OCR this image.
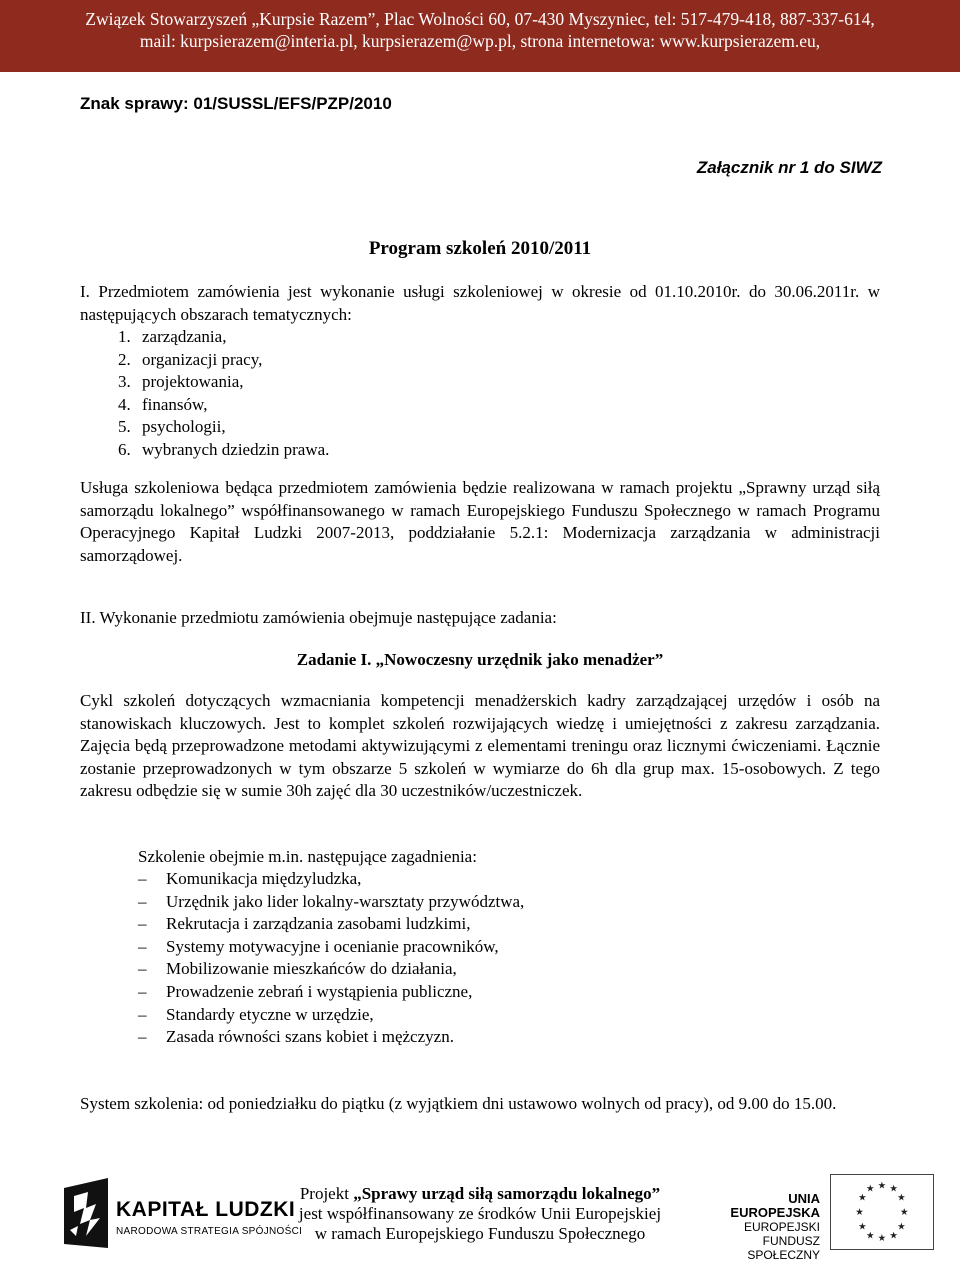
Związek Stowarzyszeń „Kurpsie Razem”, Plac Wolności 60, 07-430 Myszyniec, tel: 517-479-418, 887-337-614,
mail: kurpsierazem@interia.pl, kurpsierazem@wp.pl, strona internetowa: www.kurpsierazem.eu,
Znak sprawy: 01/SUSSL/EFS/PZP/2010
Załącznik nr 1 do SIWZ
Program szkoleń 2010/2011
I. Przedmiotem zamówienia jest wykonanie usługi szkoleniowej w okresie od 01.10.2010r. do 30.06.2011r. w następujących obszarach tematycznych:
1. zarządzania,
2. organizacji pracy,
3. projektowania,
4. finansów,
5. psychologii,
6. wybranych dziedzin prawa.
Usługa szkoleniowa będąca przedmiotem zamówienia będzie realizowana w ramach projektu „Sprawny urząd siłą samorządu lokalnego” współfinansowanego w ramach Europejskiego Funduszu Społecznego w ramach Programu Operacyjnego Kapitał Ludzki 2007-2013, poddziałanie 5.2.1: Modernizacja zarządzania w administracji samorządowej.
II. Wykonanie przedmiotu zamówienia obejmuje następujące zadania:
Zadanie I. „Nowoczesny urzędnik jako menadżer”
Cykl szkoleń dotyczących wzmacniania kompetencji menadżerskich kadry zarządzającej urzędów i osób na stanowiskach kluczowych. Jest to komplet szkoleń rozwijających wiedzę i umiejętności z zakresu zarządzania. Zajęcia będą przeprowadzone metodami aktywizującymi z elementami treningu oraz licznymi ćwiczeniami. Łącznie zostanie przeprowadzonych w tym obszarze 5 szkoleń w wymiarze do 6h dla grup max. 15-osobowych. Z tego zakresu odbędzie się w sumie 30h zajęć dla 30 uczestników/uczestniczek.
Szkolenie obejmie m.in. następujące zagadnienia:
– Komunikacja międzyludzka,
– Urzędnik jako lider lokalny-warsztaty przywództwa,
– Rekrutacja i zarządzania zasobami ludzkimi,
– Systemy motywacyjne i ocenianie pracowników,
– Mobilizowanie mieszkańców do działania,
– Prowadzenie zebrań i wystąpienia publiczne,
– Standardy etyczne w urzędzie,
– Zasada równości szans kobiet i mężczyzn.
System szkolenia: od poniedziałku do piątku (z wyjątkiem dni ustawowo wolnych od pracy), od 9.00 do 15.00.
KAPITAŁ LUDZKI
NARODOWA STRATEGIA SPÓJNOŚCI
Projekt „Sprawy urząd siłą samorządu lokalnego”
jest współfinansowany ze środków Unii Europejskiej
w ramach Europejskiego Funduszu Społecznego
UNIA EUROPEJSKA
EUROPEJSKI
FUNDUSZ SPOŁECZNY
★ ★
★
★
★
★
★
★
★
★
★
★
